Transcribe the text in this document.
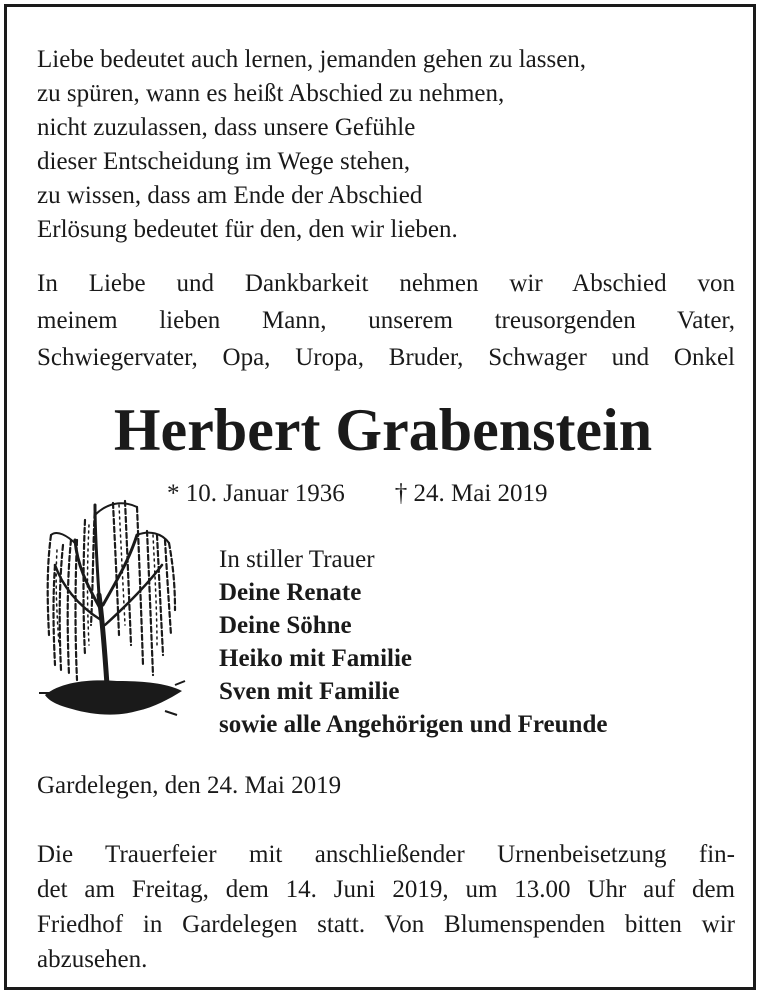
Liebe bedeutet auch lernen, jemanden gehen zu lassen,
zu spüren, wann es heißt Abschied zu nehmen,
nicht zuzulassen, dass unsere Gefühle
dieser Entscheidung im Wege stehen,
zu wissen, dass am Ende der Abschied
Erlösung bedeutet für den, den wir lieben.
In Liebe und Dankbarkeit nehmen wir Abschied von
meinem lieben Mann, unserem treusorgenden Vater,
Schwiegervater, Opa, Uropa, Bruder, Schwager und Onkel
Herbert Grabenstein
* 10. Januar 1936 † 24. Mai 2019
In stiller Trauer
Deine Renate
Deine Söhne
Heiko mit Familie
Sven mit Familie
sowie alle Angehörigen und Freunde
Gardelegen, den 24. Mai 2019
Die Trauerfeier mit anschließender Urnenbeisetzung fin-
det am Freitag, dem 14. Juni 2019, um 13.00 Uhr auf dem
Friedhof in Gardelegen statt. Von Blumenspenden bitten wir
abzusehen.
